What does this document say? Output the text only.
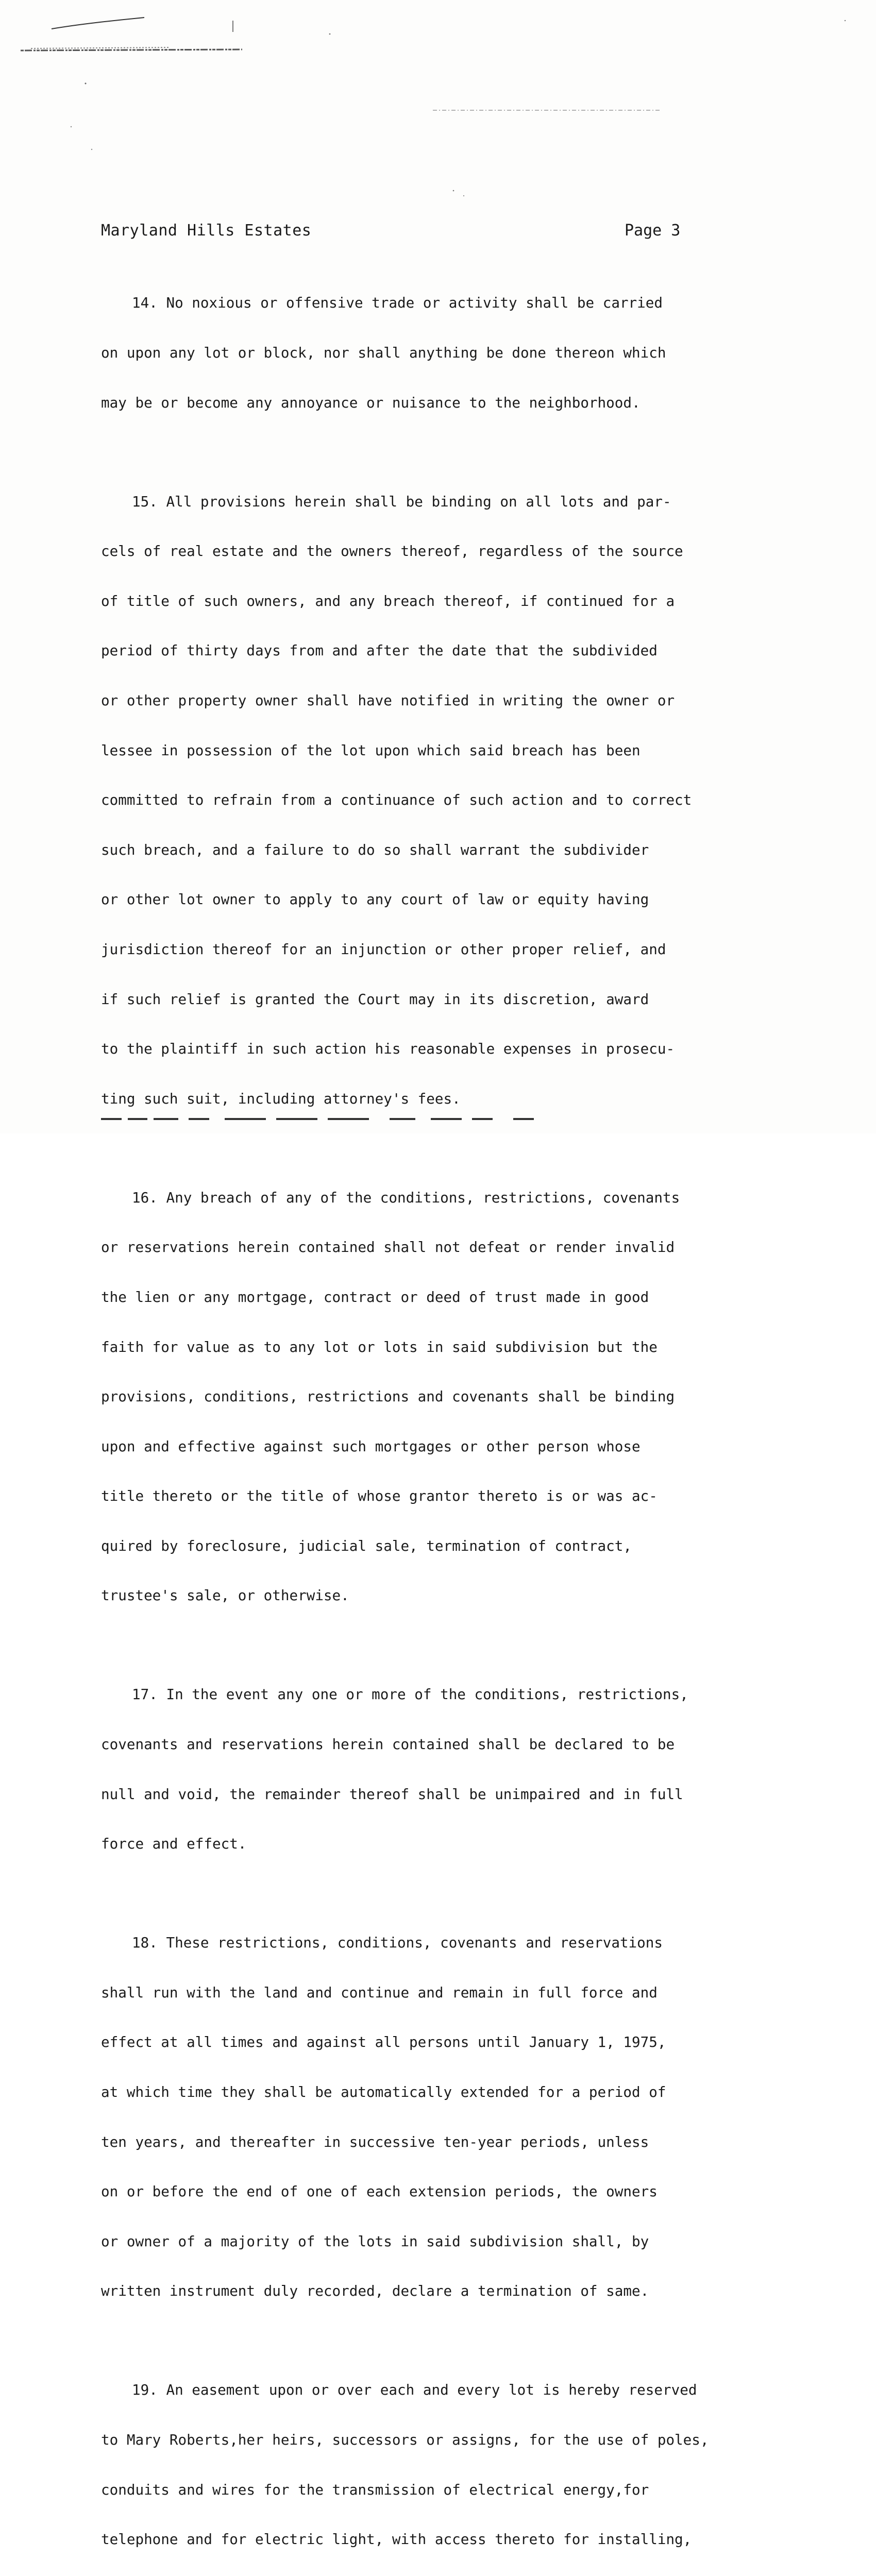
Maryland Hills Estates	Page 3

14. No noxious or offensive trade or activity shall be carried

on upon any lot or block, nor shall anything be done thereon which

may be or become any annoyance or nuisance to the neighborhood.

15. All provisions herein shall be binding on all lots and par-

cels of real estate and the owners thereof, regardless of the source

of title of such owners, and any breach thereof, if continued for a

period of thirty days from and after the date that the subdivided

or other property owner shall have notified in writing the owner or

lessee in possession of the lot upon which said breach has been

committed to refrain from a continuance of such action and to correct

such breach, and a failure to do so shall warrant the subdivider

or other lot owner to apply to any court of law or equity having

jurisdiction thereof for an injunction or other proper relief, and

if such relief is granted the Court may in its discretion, award

to the plaintiff in such action his reasonable expenses in prosecu-

ting such suit, including attorney's fees.

16. Any breach of any of the conditions, restrictions, covenants

or reservations herein contained shall not defeat or render invalid

the lien or any mortgage, contract or deed of trust made in good

faith for value as to any lot or lots in said subdivision but the

provisions, conditions, restrictions and covenants shall be binding

upon and effective against such mortgages or other person whose

title thereto or the title of whose grantor thereto is or was ac-

quired by foreclosure, judicial sale, termination of contract,

trustee's sale, or otherwise.

17. In the event any one or more of the conditions, restrictions,

covenants and reservations herein contained shall be declared to be

null and void, the remainder thereof shall be unimpaired and in full

force and effect.

18. These restrictions, conditions, covenants and reservations

shall run with the land and continue and remain in full force and

effect at all times and against all persons until January 1, 1975,

at which time they shall be automatically extended for a period of

ten years, and thereafter in successive ten-year periods, unless

on or before the end of one of each extension periods, the owners

or owner of a majority of the lots in said subdivision shall, by

written instrument duly recorded, declare a termination of same.

19. An easement upon or over each and every lot is hereby reserved

to Mary Roberts,her heirs, successors or assigns, for the use of poles,

conduits and wires for the transmission of electrical energy,for

telephone and for electric light, with access thereto for installing,
